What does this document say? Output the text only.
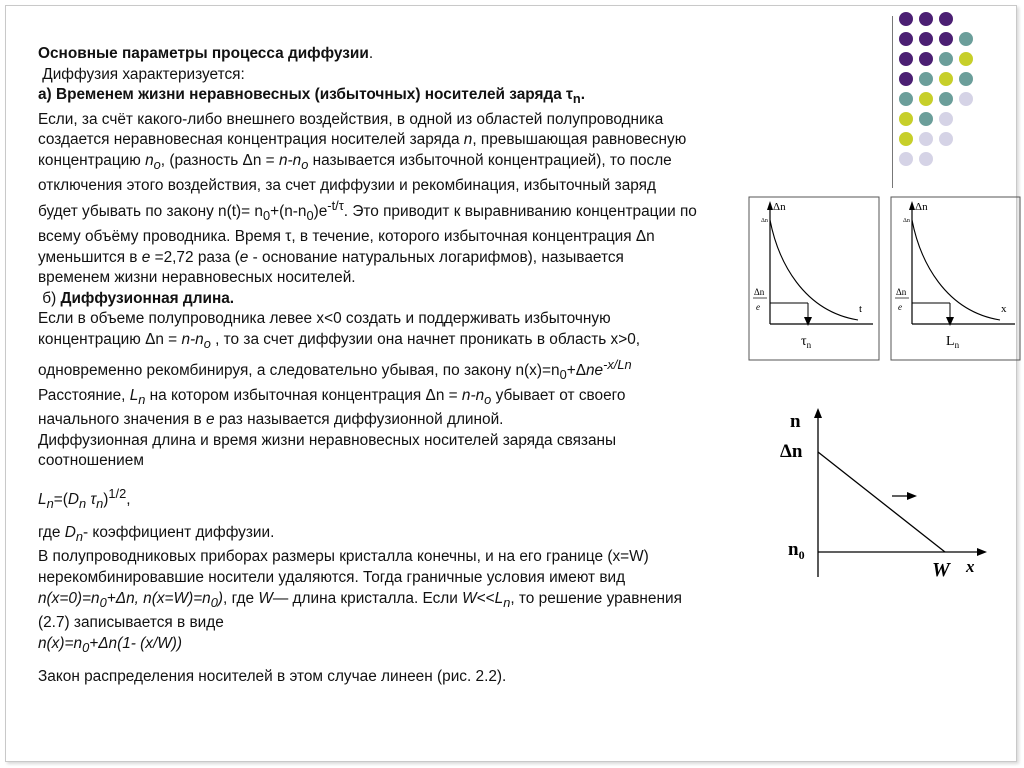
Основные параметры процесса диффузии.

Диффузия характеризуется:

а) Временем жизни неравновесных (избыточных) носителей заряда $\tau_n$.

Если, за счёт какого-либо внешнего воздействия, в одной из областей полупроводника создается неравновесная концентрация носителей заряда n, превышающая равновесную концентрацию $n_o$, (разность $\Delta n = n-n_o$ называется избыточной концентрацией), то после отключения этого воздействия, за счет диффузии и рекомбинация, избыточный заряд будет убывать по закону $n(t)= n_0+(n-n_0)e^{-t/\tau}$. Это приводит к выравниванию концентрации по всему объёму проводника. Время τ, в течение, которого избыточная концентрация Δn уменьшится в е =2,72 раза (е - основание натуральных логарифмов), называется временем жизни неравновесных носителей.

б) Диффузионная длина.

Если в объеме полупроводника левее x<0 создать и поддерживать избыточную концентрацию $\Delta n = n-n_o$ , то за счет диффузии она начнет проникать в область x>0, одновременно рекомбинируя, а следовательно убывая, по закону $n(x)=n_0+\Delta ne^{-x/Ln}$ Расстояние, $L_n$ на котором избыточная концентрация $\Delta n = n-n_o$ убывает от своего начального значения в е раз называется диффузионной длиной.

Диффузионная длина и время жизни неравновесных носителей заряда связаны соотношением

$L_n=(D_n$ $\tau_n)^{1/2}$,

где $D_n-$ коэффициент диффузии.

В полупроводниковых приборах размеры кристалла конечны, и на его границе (x=W) нерекомбинировавшие носители удаляются. Тогда граничные условия имеют вид $n(x=0)=n_0+\Delta n$, $n(x=W)=n_0$), где W— длина кристалла. Если $W<<L_n$, то решение уравнения (2.7) записывается в виде

$n(x)=n_0+\Delta n(1-$ (x/W))

Закон распределения носителей в этом случае линеен (рис. 2.2).

Δn
Δn
Δn
e	t
$\tau_n$
Δn
Δn
Δn
e	x
$L_n$
n
Δn
$n_0$
W x
